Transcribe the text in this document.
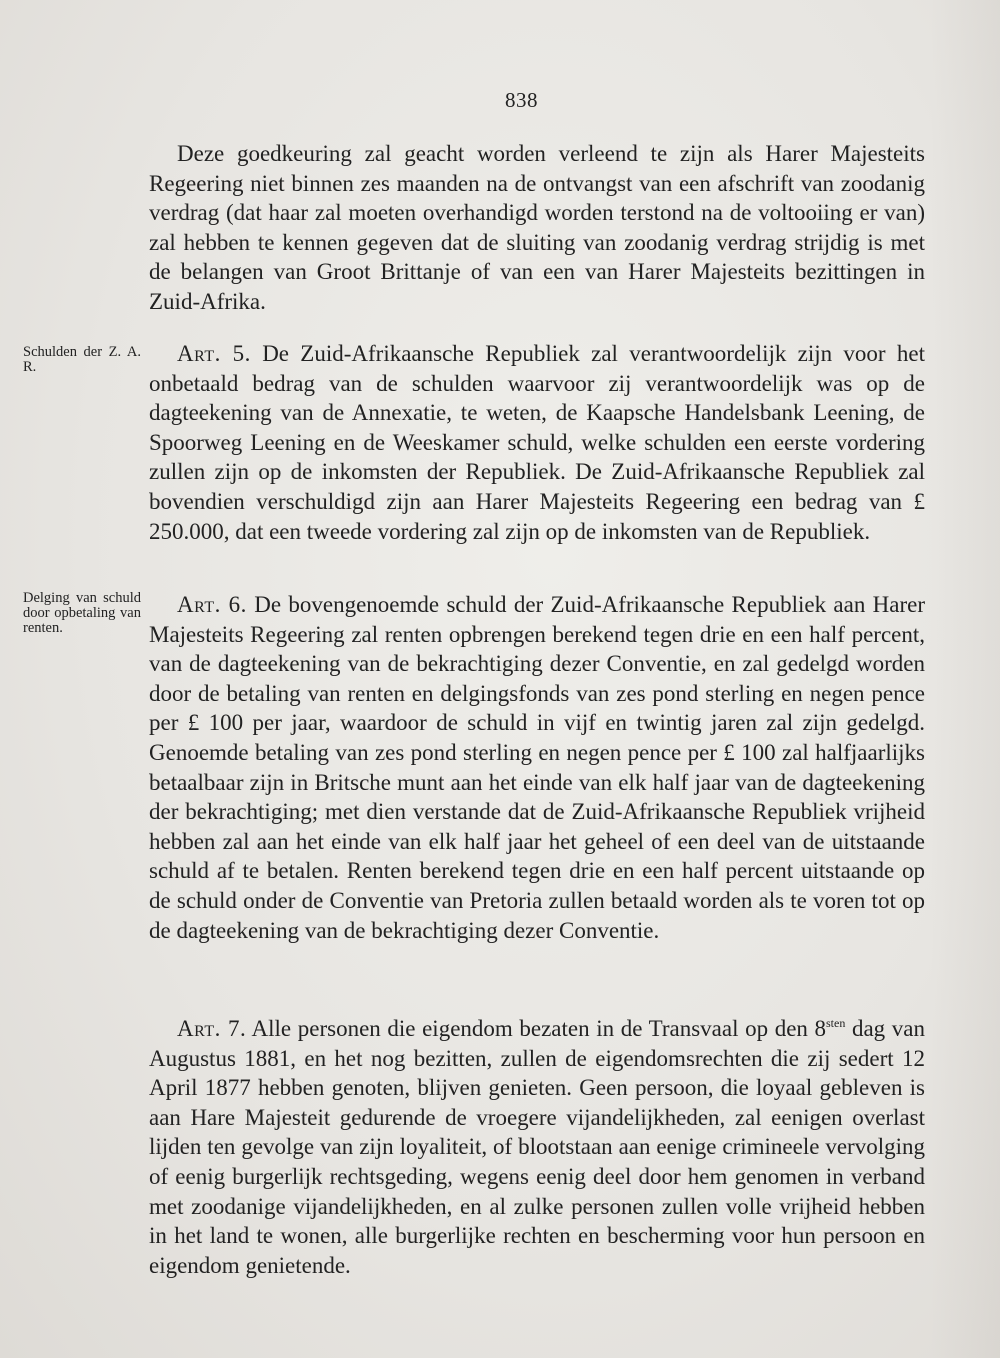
838

Deze goedkeuring zal geacht worden verleend te zijn als Harer Majesteits Regeering niet binnen zes maanden na de ontvangst van een afschrift van zoodanig verdrag (dat haar zal moeten overhandigd worden terstond na de voltooiing er van) zal hebben te kennen gegeven dat de sluiting van zoodanig verdrag strijdig is met de belangen van Groot Brittanje of van een van Harer Majesteits bezittingen in Zuid-Afrika.

Schulden der Z. A. R.

Art. 5. De Zuid-Afrikaansche Republiek zal verantwoordelijk zijn voor het onbetaald bedrag van de schulden waarvoor zij verantwoordelijk was op de dagteekening van de Annexatie, te weten, de Kaapsche Handelsbank Leening, de Spoorweg Leening en de Weeskamer schuld, welke schulden een eerste vordering zullen zijn op de inkomsten der Republiek. De Zuid-Afrikaansche Republiek zal bovendien verschuldigd zijn aan Harer Majesteits Regeering een bedrag van £ 250.000, dat een tweede vordering zal zijn op de inkomsten van de Republiek.

Delging van schuld door opbetaling van renten.

Art. 6. De bovengenoemde schuld der Zuid-Afrikaansche Republiek aan Harer Majesteits Regeering zal renten opbrengen berekend tegen drie en een half percent, van de dagteekening van de bekrachtiging dezer Conventie, en zal gedelgd worden door de betaling van renten en delgingsfonds van zes pond sterling en negen pence per £ 100 per jaar, waardoor de schuld in vijf en twintig jaren zal zijn gedelgd. Genoemde betaling van zes pond sterling en negen pence per £ 100 zal halfjaarlijks betaalbaar zijn in Britsche munt aan het einde van elk half jaar van de dagteekening der bekrachtiging; met dien verstande dat de Zuid-Afrikaansche Republiek vrijheid hebben zal aan het einde van elk half jaar het geheel of een deel van de uitstaande schuld af te betalen. Renten berekend tegen drie en een half percent uitstaande op de schuld onder de Conventie van Pretoria zullen betaald worden als te voren tot op de dagteekening van de bekrachtiging dezer Conventie.

Art. 7. Alle personen die eigendom bezaten in de Transvaal op den $8^{sten}$ dag van Augustus 1881, en het nog bezitten, zullen de eigendomsrechten die zij sedert 12 April 1877 hebben genoten, blijven genieten. Geen persoon, die loyaal gebleven is aan Hare Majesteit gedurende de vroegere vijandelijkheden, zal eenigen overlast lijden ten gevolge van zijn loyaliteit, of blootstaan aan eenige crimineele vervolging of eenig burgerlijk rechtsgeding, wegens eenig deel door hem genomen in verband met zoodanige vijandelijkheden, en al zulke personen zullen volle vrijheid hebben in het land te wonen, alle burgerlijke rechten en bescherming voor hun persoon en eigendom genietende.
